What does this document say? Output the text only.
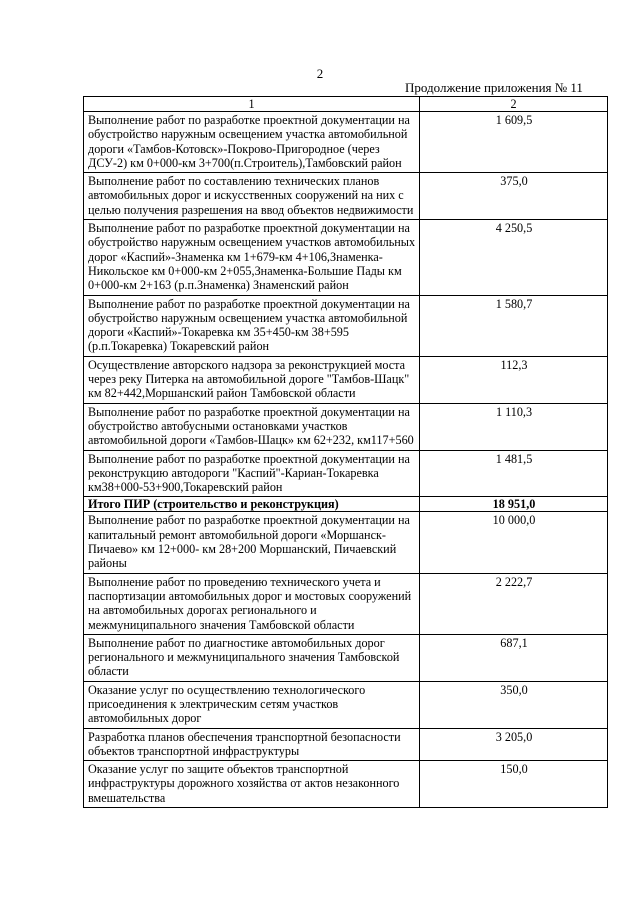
2
Продолжение приложения № 11
1	2
Выполнение работ по разработке проектной документации на обустройство наружным освещением участка автомобильной дороги «Тамбов-Котовск»-Покрово-Пригородное (через ДСУ-2) км 0+000-км 3+700(п.Строитель),Тамбовский район	1 609,5
Выполнение работ по составлению технических планов автомобильных дорог и искусственных сооружений на них с целью получения разрешения на ввод объектов недвижимости	375,0
Выполнение работ по разработке проектной документации на обустройство наружным освещением участков автомобильных дорог «Каспий»-Знаменка км 1+679-км 4+106,Знаменка-Никольское км 0+000-км 2+055,Знаменка-Большие Пады км 0+000-км 2+163 (р.п.Знаменка) Знаменский район	4 250,5
Выполнение работ по разработке проектной документации на обустройство наружным освещением участка автомобильной дороги «Каспий»-Токаревка км 35+450-км 38+595 (р.п.Токаревка) Токаревский район	1 580,7
Осуществление авторского надзора за реконструкцией моста через реку Питерка на автомобильной дороге "Тамбов-Шацк" км 82+442,Моршанский район Тамбовской области	112,3
Выполнение работ по разработке проектной документации на обустройство автобусными остановками участков автомобильной дороги «Тамбов-Шацк» км 62+232, км117+560	1 110,3
Выполнение работ по разработке проектной документации на реконструкцию автодороги "Каспий"-Кариан-Токаревка км38+000-53+900,Токаревский район	1 481,5
Итого ПИР (строительство и реконструкция)	18 951,0
Выполнение работ по разработке проектной документации на капитальный ремонт автомобильной дороги «Моршанск- Пичаево» км 12+000- км 28+200 Моршанский, Пичаевский районы	10 000,0
Выполнение работ по проведению технического учета и паспортизации автомобильных дорог и мостовых сооружений на автомобильных дорогах регионального и межмуниципального значения Тамбовской области	2 222,7
Выполнение работ по диагностике автомобильных дорог регионального и межмуниципального значения Тамбовской области	687,1
Оказание услуг по осуществлению технологического присоединения к электрическим сетям участков автомобильных дорог	350,0
Разработка планов обеспечения транспортной безопасности объектов транспортной инфраструктуры	3 205,0
Оказание услуг по защите объектов транспортной инфраструктуры дорожного хозяйства от актов незаконного вмешательства	150,0
